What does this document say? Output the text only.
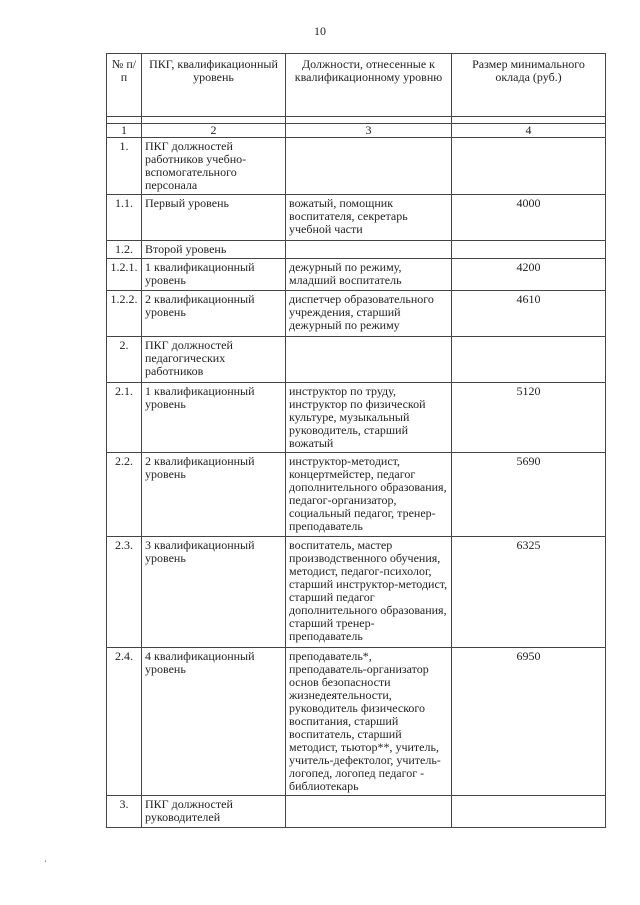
10
№ п/п	ПКГ, квалификационный уровень	Должности, отнесенные к квалификационному уровню	Размер минимального оклада (руб.)

1	2	3	4
1.	ПКГ должностей работников учебно-вспомогательного персонала		
1.1.	Первый уровень	вожатый, помощник воспитателя, секретарь учебной части	4000
1.2.	Второй уровень		
1.2.1.	1 квалификационный уровень	дежурный по режиму, младший воспитатель	4200
1.2.2.	2 квалификационный уровень	диспетчер образовательного учреждения, старший дежурный по режиму	4610
2.	ПКГ должностей педагогических работников		
2.1.	1 квалификационный уровень	инструктор по труду, инструктор по физической культуре, музыкальный руководитель, старший вожатый	5120
2.2.	2 квалификационный уровень	инструктор-методист, концертмейстер, педагог дополнительного образования, педагог-организатор, социальный педагог, тренер-преподаватель	5690
2.3.	3 квалификационный уровень	воспитатель, мастер производственного обучения, методист, педагог-психолог, старший инструктор-методист, старший педагог дополнительного образования, старший тренер-преподаватель	6325
2.4.	4 квалификационный уровень	преподаватель*, преподаватель-организатор основ безопасности жизнедеятельности, руководитель физического воспитания, старший воспитатель, старший методист, тьютор**, учитель, учитель-дефектолог, учитель-логопед, логопед педагог - библиотекарь	6950
3.	ПКГ должностей руководителей		
ʻ
